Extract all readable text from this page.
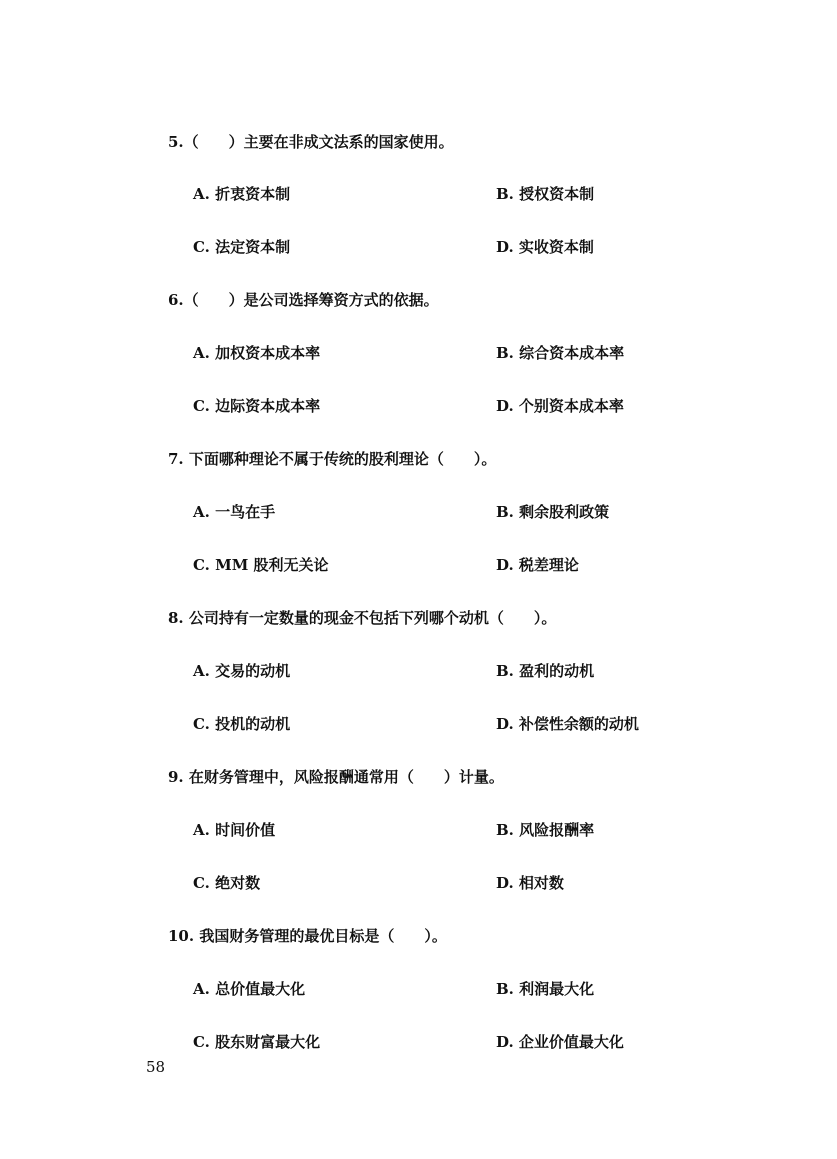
5.（　　）主要在非成文法系的国家使用。
A. 折衷资本制	B. 授权资本制
C. 法定资本制	D. 实收资本制
6.（　　）是公司选择筹资方式的依据。
A. 加权资本成本率	B. 综合资本成本率
C. 边际资本成本率	D. 个别资本成本率
7. 下面哪种理论不属于传统的股利理论（　　）。
A. 一鸟在手	B. 剩余股利政策
C. MM 股利无关论	D. 税差理论
8. 公司持有一定数量的现金不包括下列哪个动机（　　）。
A. 交易的动机	B. 盈利的动机
C. 投机的动机	D. 补偿性余额的动机
9. 在财务管理中，风险报酬通常用（　　）计量。
A. 时间价值	B. 风险报酬率
C. 绝对数	D. 相对数
10. 我国财务管理的最优目标是（　　）。
A. 总价值最大化	B. 利润最大化
C. 股东财富最大化	D. 企业价值最大化
58
